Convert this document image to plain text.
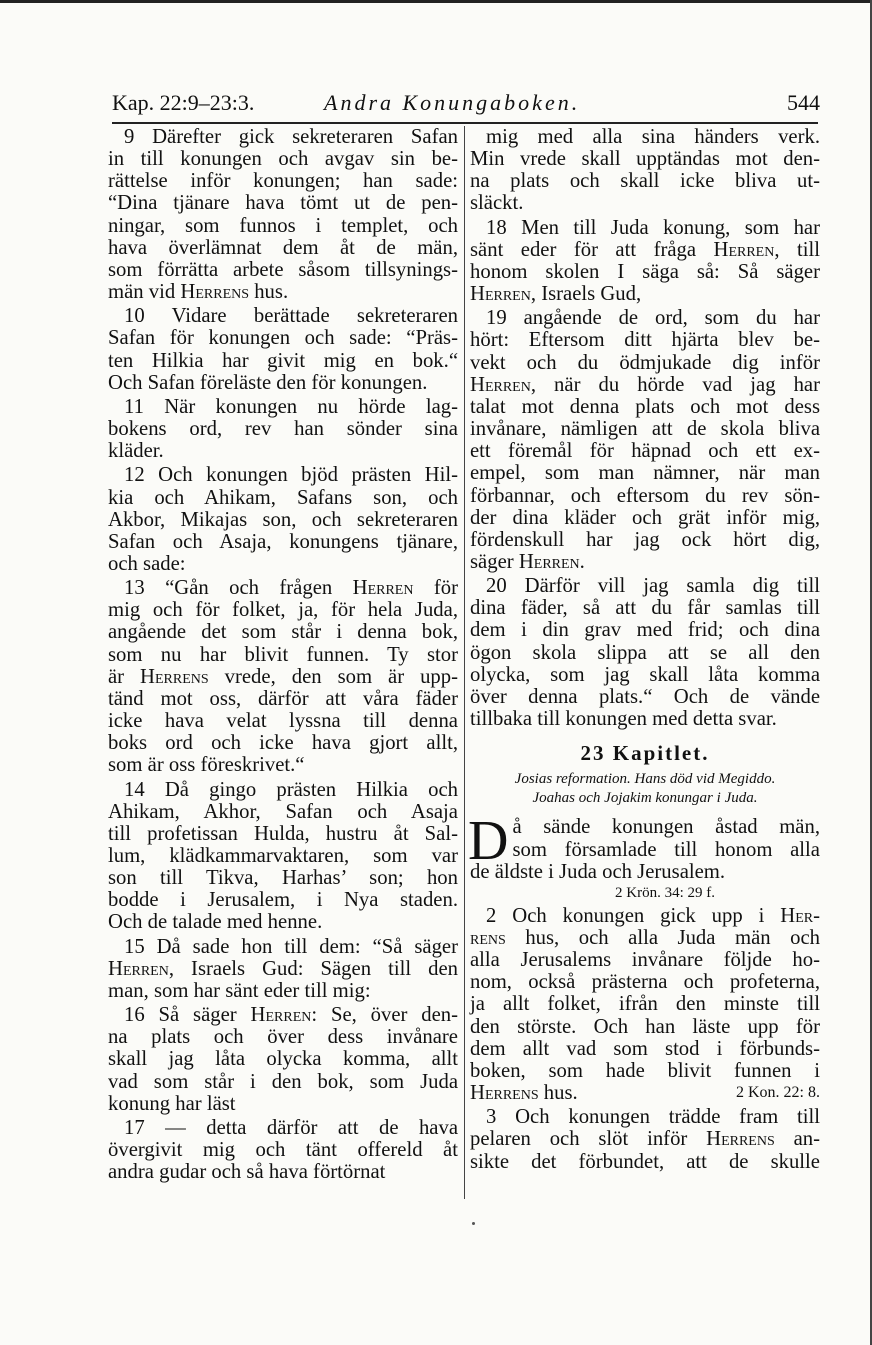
Kap. 22:9–23:3.	Andra Konungaboken.	544
9 Därefter gick sekreteraren Safan
in till konungen och avgav sin be-
rättelse inför konungen; han sade:
“Dina tjänare hava tömt ut de pen-
ningar, som funnos i templet, och
hava överlämnat dem åt de män,
som förrätta arbete såsom tillsynings-
män vid Herrens hus.
10 Vidare berättade sekreteraren
Safan för konungen och sade: “Präs-
ten Hilkia har givit mig en bok.“
Och Safan föreläste den för konungen.
11 När konungen nu hörde lag-
bokens ord, rev han sönder sina
kläder.
12 Och konungen bjöd prästen Hil-
kia och Ahikam, Safans son, och
Akbor, Mikajas son, och sekreteraren
Safan och Asaja, konungens tjänare,
och sade:
13 “Gån och frågen Herren för
mig och för folket, ja, för hela Juda,
angående det som står i denna bok,
som nu har blivit funnen. Ty stor
är Herrens vrede, den som är upp-
tänd mot oss, därför att våra fäder
icke hava velat lyssna till denna
boks ord och icke hava gjort allt,
som är oss föreskrivet.“
14 Då gingo prästen Hilkia och
Ahikam, Akhor, Safan och Asaja
till profetissan Hulda, hustru åt Sal-
lum, klädkammarvaktaren, som var
son till Tikva, Harhas’ son; hon
bodde i Jerusalem, i Nya staden.
Och de talade med henne.
15 Då sade hon till dem: “Så säger
Herren, Israels Gud: Sägen till den
man, som har sänt eder till mig:
16 Så säger Herren: Se, över den-
na plats och över dess invånare
skall jag låta olycka komma, allt
vad som står i den bok, som Juda
konung har läst
17 — detta därför att de hava
övergivit mig och tänt offereld åt
andra gudar och så hava förtörnat
mig med alla sina händers verk.
Min vrede skall upptändas mot den-
na plats och skall icke bliva ut-
släckt.
18 Men till Juda konung, som har
sänt eder för att fråga Herren, till
honom skolen I säga så: Så säger
Herren, Israels Gud,
19 angående de ord, som du har
hört: Eftersom ditt hjärta blev be-
vekt och du ödmjukade dig inför
Herren, när du hörde vad jag har
talat mot denna plats och mot dess
invånare, nämligen att de skola bliva
ett föremål för häpnad och ett ex-
empel, som man nämner, när man
förbannar, och eftersom du rev sön-
der dina kläder och grät inför mig,
fördenskull har jag ock hört dig,
säger Herren.
20 Därför vill jag samla dig till
dina fäder, så att du får samlas till
dem i din grav med frid; och dina
ögon skola slippa att se all den
olycka, som jag skall låta komma
över denna plats.“ Och de vände
tillbaka till konungen med detta svar.
23 Kapitlet.
Josias reformation. Hans död vid Megiddo.
Joahas och Jojakim konungar i Juda.
D å sände konungen åstad män,
som församlade till honom alla
de äldste i Juda och Jerusalem.
2 Krön. 34: 29 f.
2 Och konungen gick upp i Her-
rens hus, och alla Juda män och
alla Jerusalems invånare följde ho-
nom, också prästerna och profeterna,
ja allt folket, ifrån den minste till
den störste. Och han läste upp för
dem allt vad som stod i förbunds-
boken, som hade blivit funnen i
2 Kon. 22: 8.
Herrens hus.
3 Och konungen trädde fram till
pelaren och slöt inför Herrens an-
sikte det förbundet, att de skulle
